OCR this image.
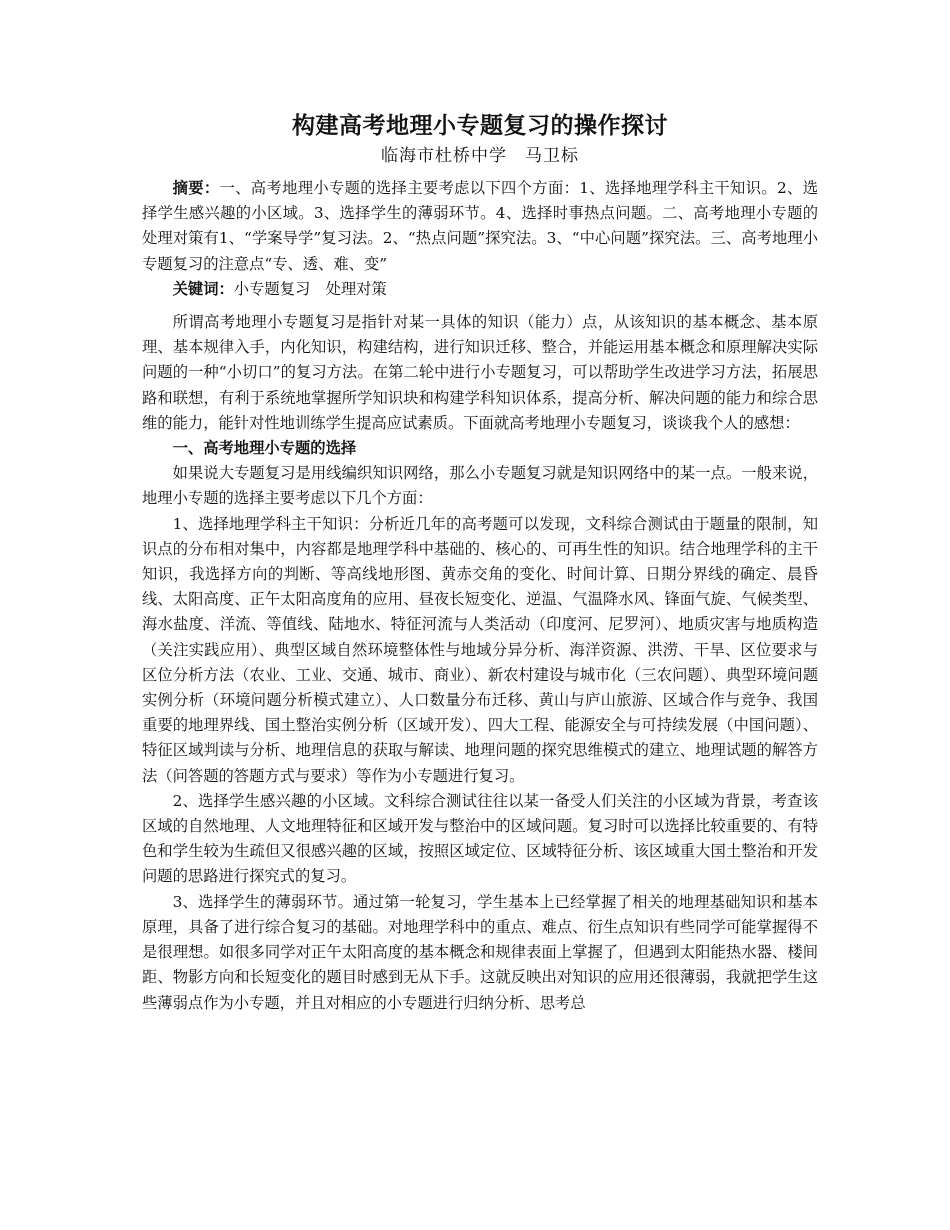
构建高考地理小专题复习的操作探讨

临海市杜桥中学　马卫标

摘要：一、高考地理小专题的选择主要考虑以下四个方面：1、选择地理学科主干知识。2、选择学生感兴趣的小区域。3、选择学生的薄弱环节。4、选择时事热点问题。二、高考地理小专题的处理对策有1、“学案导学”复习法。2、“热点问题”探究法。3、“中心问题”探究法。三、高考地理小专题复习的注意点“专、透、难、变”

关键词：小专题复习　处理对策

所谓高考地理小专题复习是指针对某一具体的知识（能力）点，从该知识的基本概念、基本原理、基本规律入手，内化知识，构建结构，进行知识迁移、整合，并能运用基本概念和原理解决实际问题的一种“小切口”的复习方法。在第二轮中进行小专题复习，可以帮助学生改进学习方法，拓展思路和联想，有利于系统地掌握所学知识块和构建学科知识体系，提高分析、解决问题的能力和综合思维的能力，能针对性地训练学生提高应试素质。下面就高考地理小专题复习，谈谈我个人的感想：

一、高考地理小专题的选择

如果说大专题复习是用线编织知识网络，那么小专题复习就是知识网络中的某一点。一般来说，地理小专题的选择主要考虑以下几个方面：

1、选择地理学科主干知识：分析近几年的高考题可以发现，文科综合测试由于题量的限制，知识点的分布相对集中，内容都是地理学科中基础的、核心的、可再生性的知识。结合地理学科的主干知识，我选择方向的判断、等高线地形图、黄赤交角的变化、时间计算、日期分界线的确定、晨昏线、太阳高度、正午太阳高度角的应用、昼夜长短变化、逆温、气温降水风、锋面气旋、气候类型、海水盐度、洋流、等值线、陆地水、特征河流与人类活动（印度河、尼罗河）、地质灾害与地质构造（关注实践应用）、典型区域自然环境整体性与地域分异分析、海洋资源、洪涝、干旱、区位要求与区位分析方法（农业、工业、交通、城市、商业）、新农村建设与城市化（三农问题）、典型环境问题实例分析（环境问题分析模式建立）、人口数量分布迁移、黄山与庐山旅游、区域合作与竞争、我国重要的地理界线、国土整治实例分析（区域开发）、四大工程、能源安全与可持续发展（中国问题）、特征区域判读与分析、地理信息的获取与解读、地理问题的探究思维模式的建立、地理试题的解答方法（问答题的答题方式与要求）等作为小专题进行复习。

2、选择学生感兴趣的小区域。文科综合测试往往以某一备受人们关注的小区域为背景，考查该区域的自然地理、人文地理特征和区域开发与整治中的区域问题。复习时可以选择比较重要的、有特色和学生较为生疏但又很感兴趣的区域，按照区域定位、区域特征分析、该区域重大国土整治和开发问题的思路进行探究式的复习。

3、选择学生的薄弱环节。通过第一轮复习，学生基本上已经掌握了相关的地理基础知识和基本原理，具备了进行综合复习的基础。对地理学科中的重点、难点、衍生点知识有些同学可能掌握得不是很理想。如很多同学对正午太阳高度的基本概念和规律表面上掌握了，但遇到太阳能热水器、楼间距、物影方向和长短变化的题目时感到无从下手。这就反映出对知识的应用还很薄弱，我就把学生这些薄弱点作为小专题，并且对相应的小专题进行归纳分析、思考总
